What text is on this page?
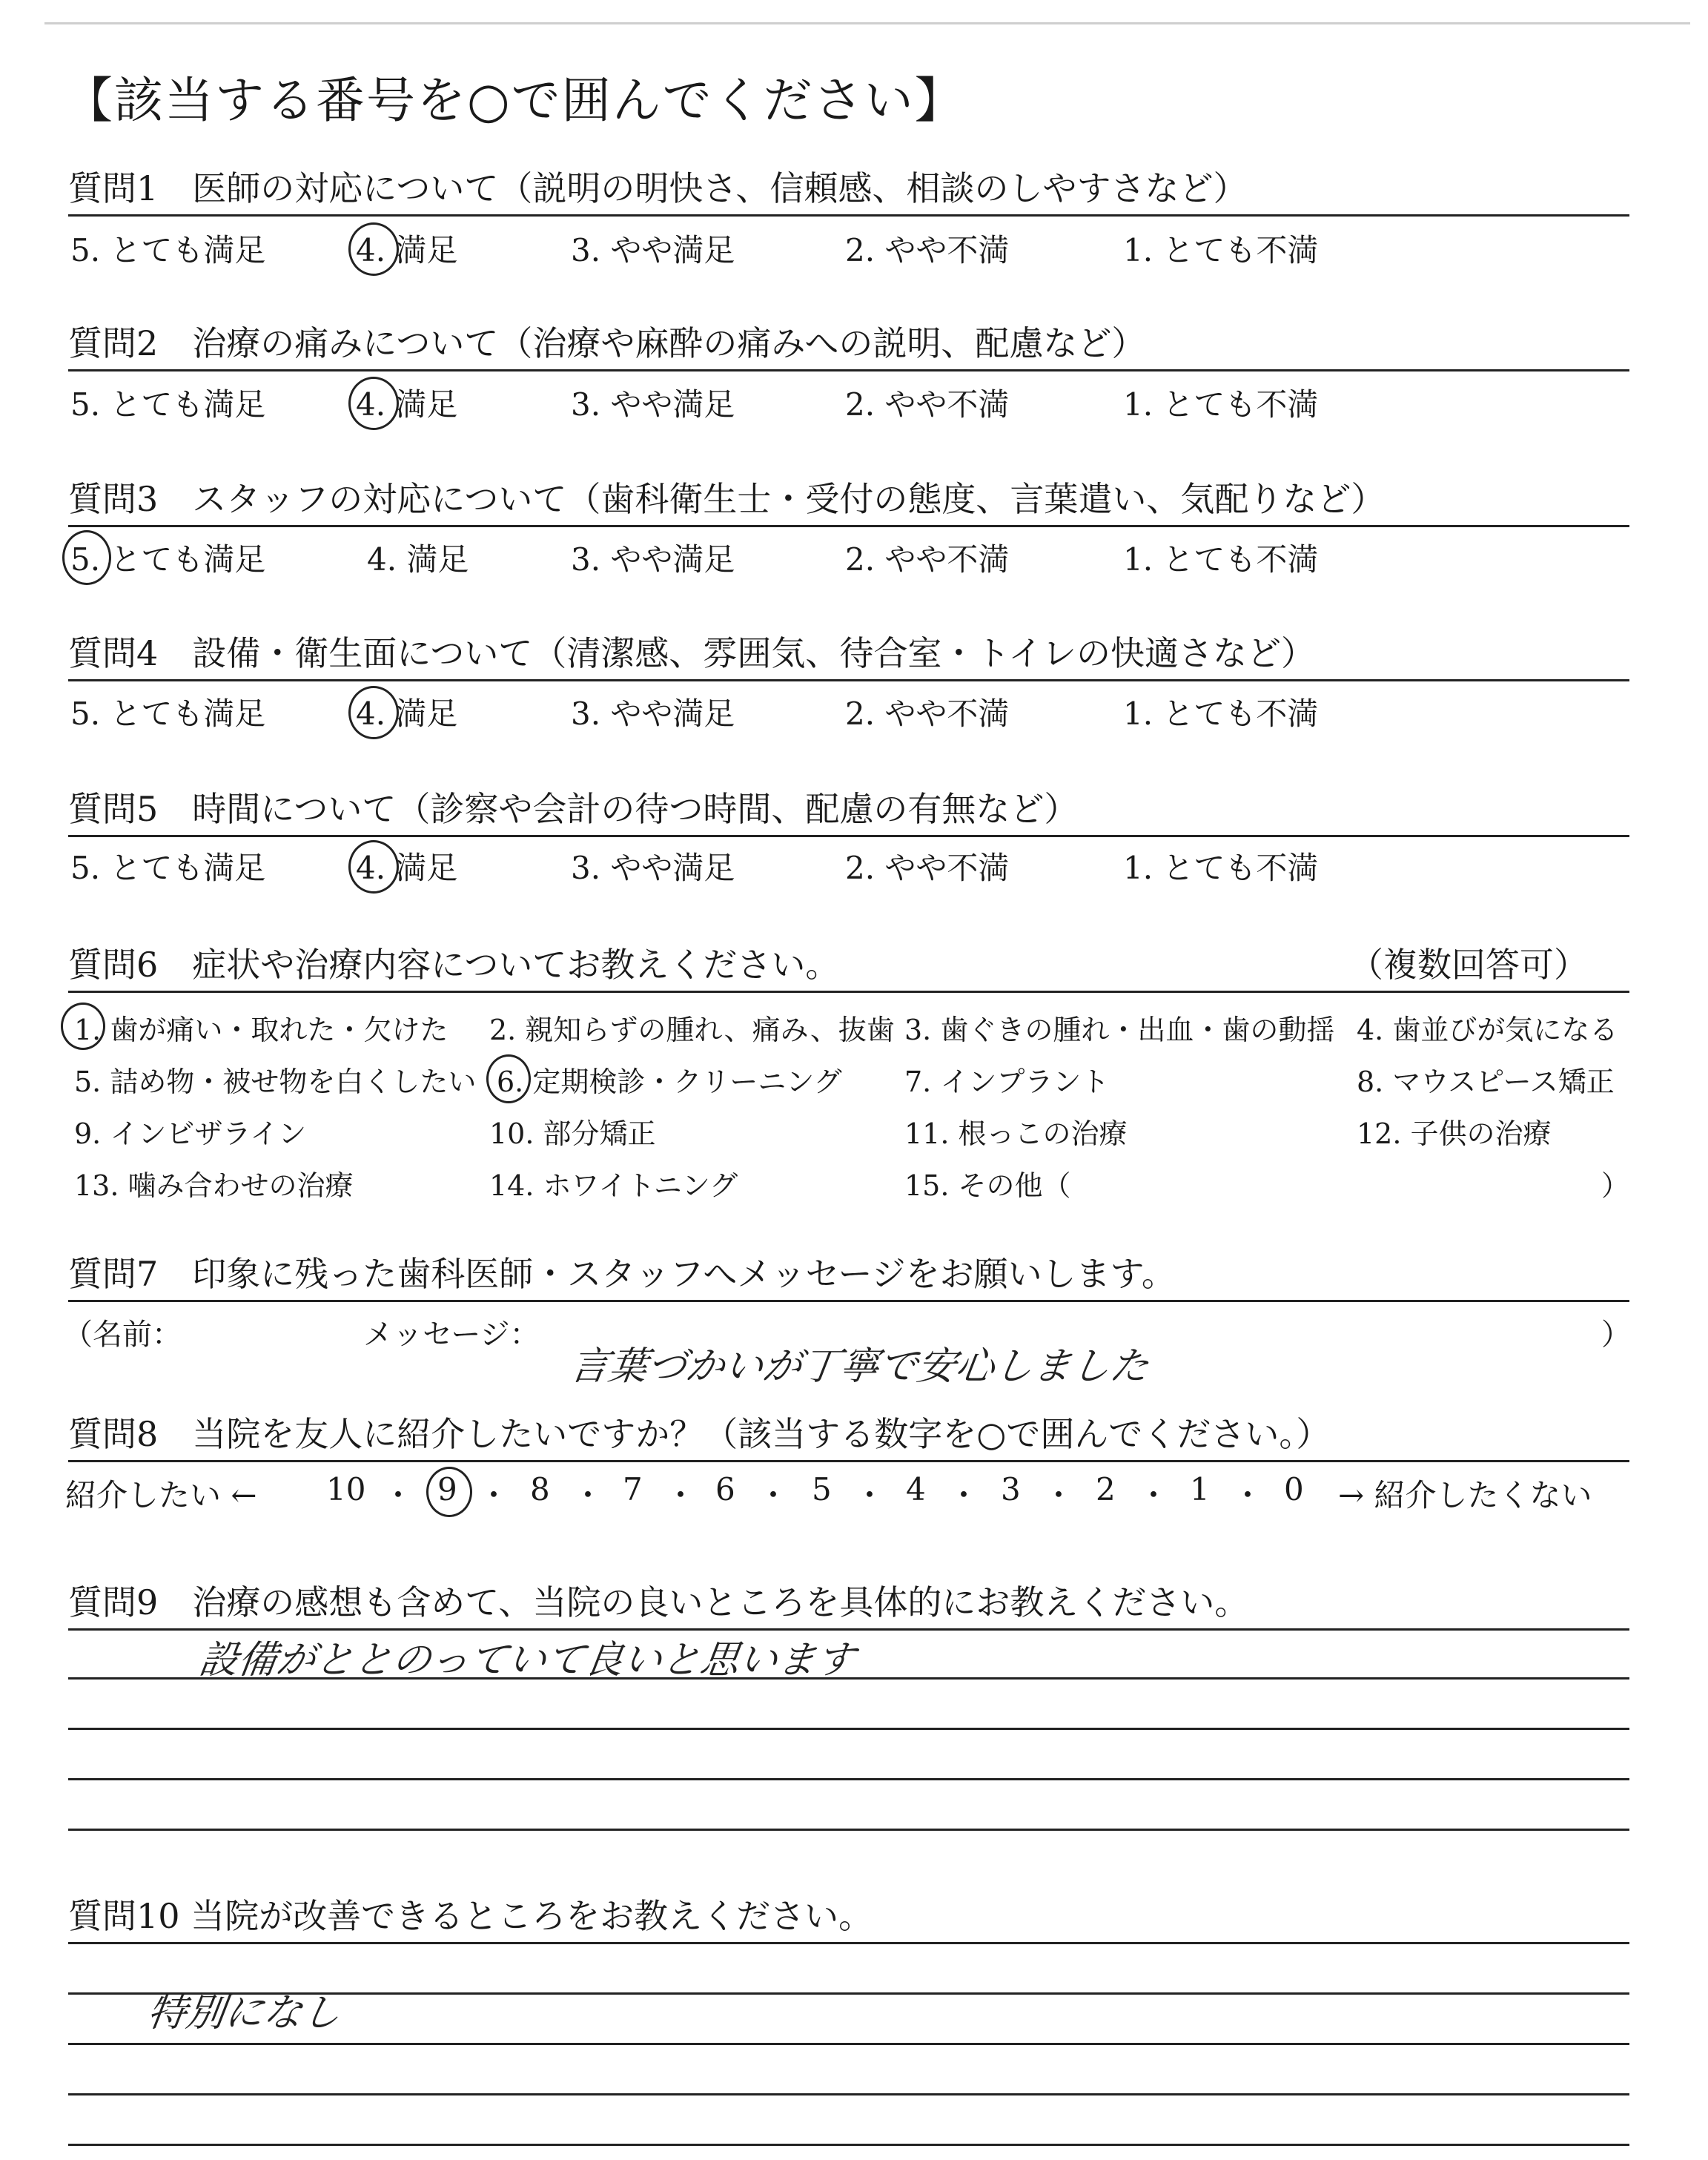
【該当する番号を○で囲んでください】
質問1　医師の対応について（説明の明快さ、信頼感、相談のしやすさなど）
5. とても満足	4. 満足	3. やや満足	2. やや不満	1. とても不満
質問2　治療の痛みについて（治療や麻酔の痛みへの説明、配慮など）
5. とても満足	4. 満足	3. やや満足	2. やや不満	1. とても不満
質問3　スタッフの対応について（歯科衛生士・受付の態度、言葉遣い、気配りなど）
5. とても満足	4. 満足	3. やや満足	2. やや不満	1. とても不満
質問4　設備・衛生面について（清潔感、雰囲気、待合室・トイレの快適さなど）
5. とても満足	4. 満足	3. やや満足	2. やや不満	1. とても不満
質問5　時間について（診察や会計の待つ時間、配慮の有無など）
5. とても満足	4. 満足	3. やや満足	2. やや不満	1. とても不満
質問6　症状や治療内容についてお教えください。	（複数回答可）
1. 歯が痛い・取れた・欠けた 2. 親知らずの腫れ、痛み、抜歯 3. 歯ぐきの腫れ・出血・歯の動揺 4. 歯並びが気になる
5. 詰め物・被せ物を白くしたい 6. 定期検診・クリーニング 7. インプラント	8. マウスピース矯正
9. インビザライン	10. 部分矯正	11. 根っこの治療	12. 子供の治療
13. 噛み合わせの治療	14. ホワイトニング	15. その他（	）
質問7　印象に残った歯科医師・スタッフへメッセージをお願いします。
（名前：	メッセージ：	）
言葉づかいが丁寧で安心しました
質問8　当院を友人に紹介したいですか？（該当する数字を○で囲んでください。）
紹介したい ← 10 ・ 9 ・ 8 ・ 7 ・ 6 ・ 5 ・ 4 ・ 3 ・ 2 ・ 1 ・ 0 → 紹介したくない
質問9　治療の感想も含めて、当院の良いところを具体的にお教えください。
設備がととのっていて良いと思います
質問10 当院が改善できるところをお教えください。
特別になし
